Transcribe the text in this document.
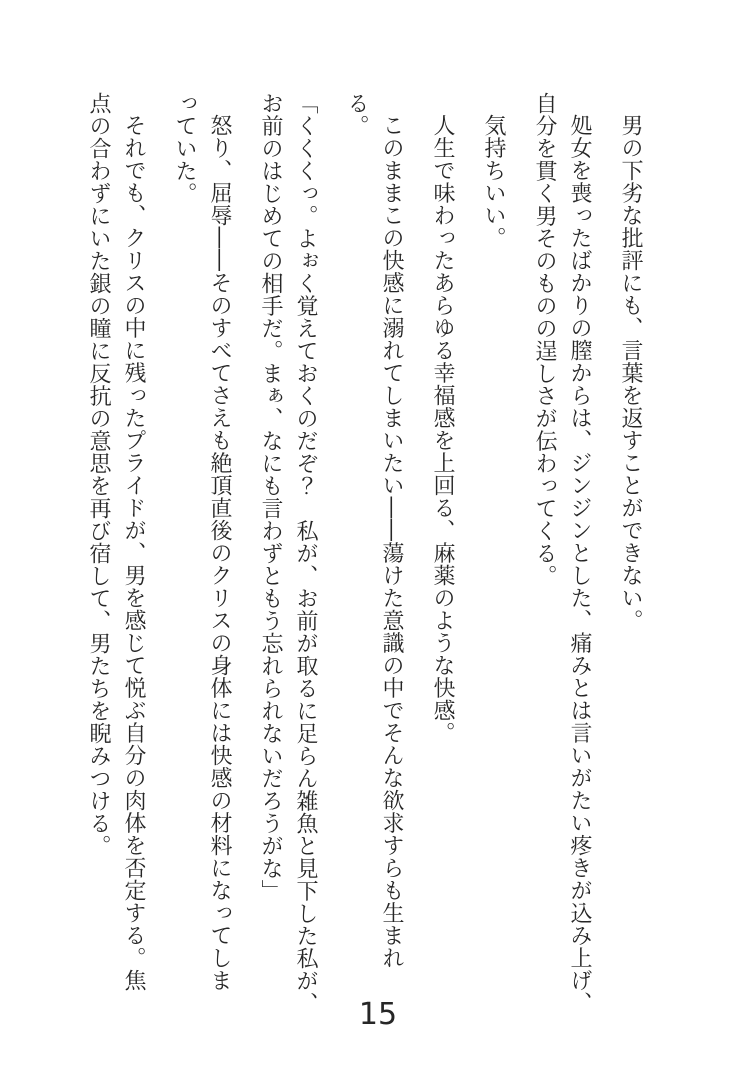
男の下劣な批評にも、言葉を返すことができない。

処女を喪ったばかりの膣からは、ジンジンとした、痛みとは言いがたい疼きが込み上げ、
自分を貫く男そのものの逞しさが伝わってくる。

気持ちいい。

人生で味わったあらゆる幸福感を上回る、麻薬のような快感。

このままこの快感に溺れてしまいたい――蕩けた意識の中でそんな欲求すらも生まれ
る。

「くくくっ。よぉく覚えておくのだぞ？　私が、お前が取るに足らん雑魚と見下した私が、
お前のはじめての相手だ。まぁ、なにも言わずともう忘れられないだろうがな」

怒り、屈辱――そのすべてさえも絶頂直後のクリスの身体には快感の材料になってしま
っていた。

それでも、クリスの中に残ったプライドが、男を感じて悦ぶ自分の肉体を否定する。焦
点の合わずにいた銀の瞳に反抗の意思を再び宿して、男たちを睨みつける。

15
